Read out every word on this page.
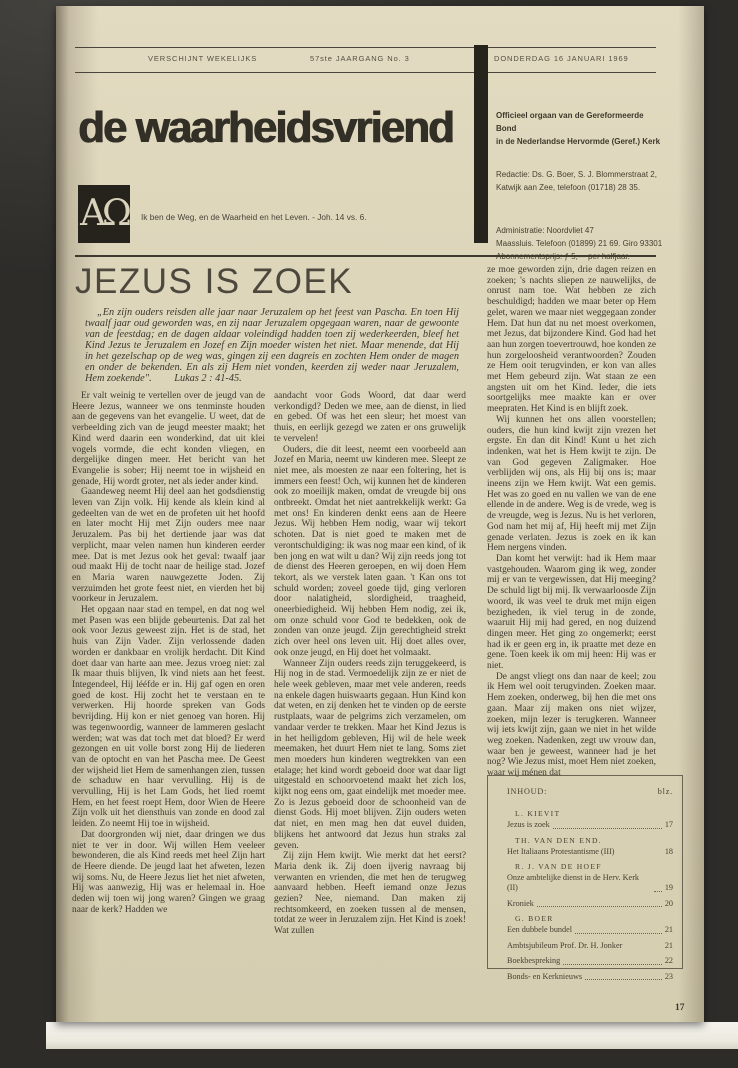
VERSCHIJNT WEKELIJKS	57ste JAARGANG No. 3	DONDERDAG 16 JANUARI 1969
de waarheidsvriend	Officieel orgaan van de Gereformeerde Bond
in de Nederlandse Hervormde (Geref.) Kerk
Redactie: Ds. G. Boer, S. J. Blommerstraat 2,
Katwijk aan Zee, telefoon (01718) 28 35.
Administratie: Noordvliet 47
Maassluis. Telefoon (01899) 21 69. Giro 93301
AΩ Ik ben de Weg, en de Waarheid en het Leven. - Joh. 14 vs. 6.
JEZUS IS ZOEK
„En zijn ouders reisden alle jaar naar Jeruzalem op het feest van Pascha. En toen Hij twaalf jaar oud geworden was, en zij naar Jeruzalem opgegaan waren, naar de gewoonte van de feestdag; en de dagen aldaar voleindigd hadden toen zij wederkeerden, bleef het Kind Jezus te Jeruzalem en Jozef en Zijn moeder wisten het niet. Maar menende, dat Hij in het gezelschap op de weg was, gingen zij een dagreis en zochten Hem onder de magen en onder de bekenden. En als zij Hem niet vonden, keerden zij weder naar Jeruzalem, Hem zoekende". Lukas 2 : 41-45.

Er valt weinig te vertellen over de jeugd van de Heere Jezus, wanneer we ons tenminste houden aan de gegevens van het evangelie. U weet, dat de verbeelding zich van de jeugd meester maakt; het Kind werd daarin een wonderkind, dat uit klei vogels vormde, die echt konden vliegen, en dergelijke dingen meer. Het bericht van het Evangelie is sober; Hij neemt toe in wijsheid en genade, Hij wordt groter, net als ieder ander kind.

Gaandeweg neemt Hij deel aan het godsdienstig leven van Zijn volk. Hij kende als klein kind al gedeelten van de wet en de profeten uit het hoofd en later mocht Hij met Zijn ouders mee naar Jeruzalem. Pas bij het dertiende jaar was dat verplicht, maar velen namen hun kinderen eerder mee. Dat is met Jezus ook het geval: twaalf jaar oud maakt Hij de tocht naar de heilige stad. Jozef en Maria waren nauwgezette Joden. Zij verzuimden het grote feest niet, en vierden het bij voorkeur in Jeruzalem.

Het opgaan naar stad en tempel, en dat nog wel met Pasen was een blijde gebeurtenis. Dat zal het ook voor Jezus geweest zijn. Het is de stad, het huis van Zijn Vader. Zijn verlossende daden worden er dankbaar en vrolijk herdacht. Dit Kind doet daar van harte aan mee. Jezus vroeg niet: zal Ik maar thuis blijven, Ik vind niets aan het feest. Integendeel, Hij lééfde er in. Hij gaf ogen en oren goed de kost. Hij zocht het te verstaan en te verwerken. Hij hoorde spreken van Gods bevrijding. Hij kon er niet genoeg van horen. Hij was tegenwoordig, wanneer de lammeren geslacht werden; wat was dat toch met dat bloed? Er werd gezongen en uit volle borst zong Hij de liederen van de optocht en van het Pascha mee. De Geest der wijsheid liet Hem de samenhangen zien, tussen de schaduw en haar vervulling. Hij is de vervulling, Hij is het Lam Gods, het lied roemt Hem, en het feest roept Hem, door Wien de Heere Zijn volk uit het diensthuis van zonde en dood zal leiden. Zo neemt Hij toe in wijsheid.

Dat doorgronden wij niet, daar dringen we dus niet te ver in door. Wij willen Hem veeleer bewonderen, die als Kind reeds met heel Zijn hart de Heere diende. De jeugd laat het afweten, lezen wij soms. Nu, de Heere Jezus liet het niet afweten, Hij was aanwezig, Hij was er helemaal in. Hoe deden wij toen wij jong waren? Gingen we graag naar de kerk? Hadden we

aandacht voor Gods Woord, dat daar werd verkondigd? Deden we mee, aan de dienst, in lied en gebed. Of was het een sleur; het moest van thuis, en eerlijk gezegd we zaten er ons gruwelijk te vervelen!

Ouders, die dit leest, neemt een voorbeeld aan Jozef en Maria, neemt uw kinderen mee. Sleept ze niet mee, als moesten ze naar een foltering, het is immers een feest! Och, wij kunnen het de kinderen ook zo moeilijk maken, omdat de vreugde bij ons ontbreekt. Omdat het niet aantrekkelijk werkt: Ga met ons! En kinderen denkt eens aan de Heere Jezus. Wij hebben Hem nodig, waar wij tekort schoten. Dat is niet goed te maken met de verontschuldiging: ik was nog maar een kind, of ik ben jong en wat wilt u dan? Wij zijn reeds jong tot de dienst des Heeren geroepen, en wij doen Hem tekort, als we verstek laten gaan. 't Kan ons tot schuld worden; zoveel goede tijd, ging verloren door nalatigheid, slordigheid, traagheid, oneerbiedigheid. Wij hebben Hem nodig, zei ik, om onze schuld voor God te bedekken, ook de zonden van onze jeugd. Zijn gerechtigheid strekt zich over heel ons leven uit. Hij doet alles over, ook onze jeugd, en Hij doet het volmaakt.

Wanneer Zijn ouders reeds zijn teruggekeerd, is Hij nog in de stad. Vermoedelijk zijn ze er niet de hele week gebleven, maar met vele anderen, reeds na enkele dagen huiswaarts gegaan. Hun Kind kon dat weten, en zij denken het te vinden op de eerste rustplaats, waar de pelgrims zich verzamelen, om vandaar verder te trekken. Maar het Kind Jezus is in het heiligdom gebleven, Hij wil de hele week meemaken, het duurt Hem niet te lang. Soms ziet men moeders hun kinderen wegtrekken van een etalage; het kind wordt geboeid door wat daar ligt uitgestald en schoorvoetend maakt het zich los, kijkt nog eens om, gaat eindelijk met moeder mee. Zo is Jezus geboeid door de schoonheid van de dienst Gods. Hij moet blijven. Zijn ouders weten dat niet, en men mag hen dat euvel duiden, blijkens het antwoord dat Jezus hun straks zal geven.

Zij zijn Hem kwijt. Wie merkt dat het eerst? Maria denk ik. Zij doen ijverig navraag bij verwanten en vrienden, die met hen de terugweg aanvaard hebben. Heeft iemand onze Jezus gezien? Nee, niemand. Dan maken zij rechtsomkeerd, en zoeken tussen al de mensen, totdat ze weer in Jeruzalem zijn. Het Kind is zoek! Wat zullen

ze moe geworden zijn, drie dagen reizen en zoeken; 's nachts sliepen ze nauwelijks, de onrust nam toe. Wat hebben ze zich beschuldigd; hadden we maar beter op Hem gelet, waren we maar niet weggegaan zonder Hem. Dat hun dat nu net moest overkomen, met Jezus, dat bijzondere Kind. God had het aan hun zorgen toevertrouwd, hoe konden ze hun zorgeloosheid verantwoorden? Zouden ze Hem ooit terugvinden, er kon van alles met Hem gebeurd zijn. Wat staan ze een angsten uit om het Kind. Ieder, die iets soortgelijks mee maakte kan er over meepraten. Het Kind is en blijft zoek.

Wij kunnen het ons allen voorstellen; ouders, die hun kind kwijt zijn vrezen het ergste. En dan dit Kind! Kunt u het zich indenken, wat het is Hem kwijt te zijn. De van God gegeven Zaligmaker. Hoe verblijden wij ons, als Hij bij ons is; maar ineens zijn we Hem kwijt. Wat een gemis. Het was zo goed en nu vallen we van de ene ellende in de andere. Weg is de vrede, weg is de vreugde, weg is Jezus. Nu is het verloren, God nam het mij af, Hij heeft mij met Zijn genade verlaten. Jezus is zoek en ik kan Hem nergens vinden.

Dan komt het verwijt: had ik Hem maar vastgehouden. Waarom ging ik weg, zonder mij er van te vergewissen, dat Hij meeging? De schuld ligt bij mij. Ik verwaarloosde Zijn woord, ik was veel te druk met mijn eigen bezigheden, ik viel terug in de zonde, waaruit Hij mij had gered, en nog duizend dingen meer. Het ging zo ongemerkt; eerst had ik er geen erg in, ik praatte met deze en gene. Toen keek ik om mij heen: Hij was er niet.

De angst vliegt ons dan naar de keel; zou ik Hem wel ooit terugvinden. Zoeken maar. Hem zoeken, onderweg, bij hen die met ons gaan. Maar zij maken ons niet wijzer, zoeken, mijn lezer is terugkeren. Wanneer wij iets kwijt zijn, gaan we niet in het wilde weg zoeken. Nadenken, zegt uw vrouw dan, waar ben je geweest, wanneer had je het nog? Wie Jezus mist, moet Hem niet zoeken, waar wij ménen dat

INHOUD:	blz.
L. KIEVIT
Jezus is zoek	17
TH. VAN DEN END.
Het Italiaans Protestantisme (III)	18
R. J. VAN DE HOEF
Onze ambtelijke dienst in de Herv. Kerk (II)	19
Kroniek	20
G. BOER
Een dubbele bundel	21
Ambtsjubileum Prof. Dr. H. Jonker	21
Boekbespreking	22
Bonds- en Kerknieuws	23
17
